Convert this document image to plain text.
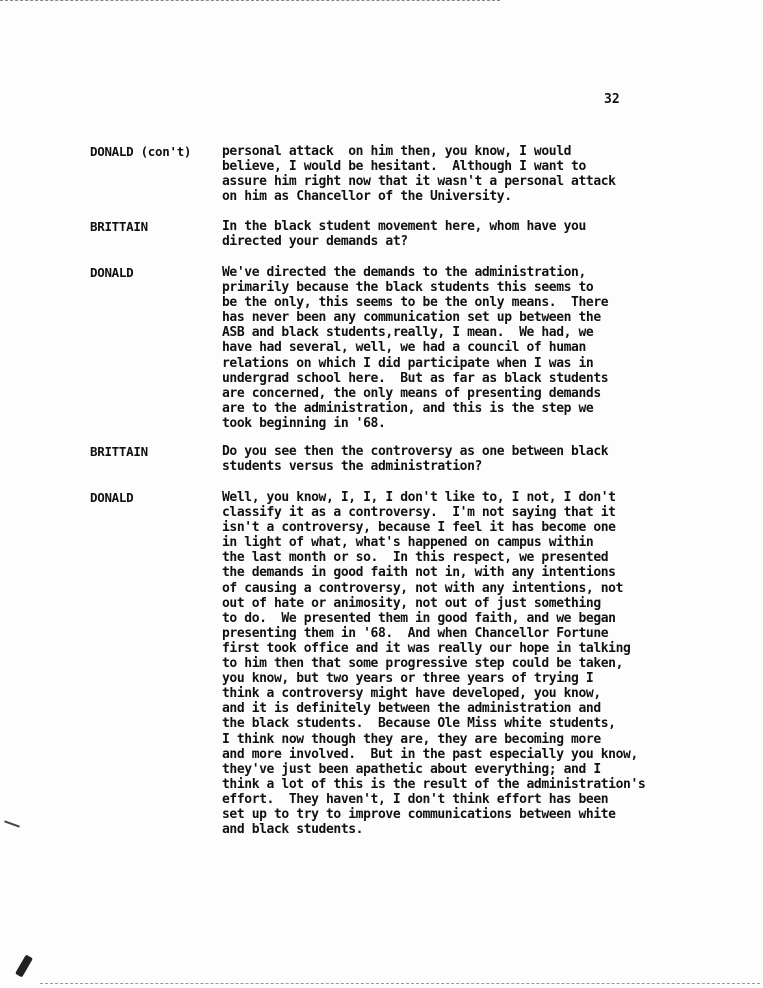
32
DONALD (con't) personal attack  on him then, you know, I would
believe, I would be hesitant.  Although I want to
assure him right now that it wasn't a personal attack
on him as Chancellor of the University.
BRITTAIN	In the black student movement here, whom have you
directed your demands at?
DONALD	We've directed the demands to the administration,
primarily because the black students this seems to
be the only, this seems to be the only means.  There
has never been any communication set up between the
ASB and black students,really, I mean.  We had, we
have had several, well, we had a council of human
relations on which I did participate when I was in
undergrad school here.  But as far as black students
are concerned, the only means of presenting demands
are to the administration, and this is the step we
took beginning in '68.
BRITTAIN	Do you see then the controversy as one between black
students versus the administration?
DONALD	Well, you know, I, I, I don't like to, I not, I don't
classify it as a controversy.  I'm not saying that it
isn't a controversy, because I feel it has become one
in light of what, what's happened on campus within
the last month or so.  In this respect, we presented
the demands in good faith not in, with any intentions
of causing a controversy, not with any intentions, not
out of hate or animosity, not out of just something
to do.  We presented them in good faith, and we began
presenting them in '68.  And when Chancellor Fortune
first took office and it was really our hope in talking
to him then that some progressive step could be taken,
you know, but two years or three years of trying I
think a controversy might have developed, you know,
and it is definitely between the administration and
the black students.  Because Ole Miss white students,
I think now though they are, they are becoming more
and more involved.  But in the past especially you know,
they've just been apathetic about everything; and I
think a lot of this is the result of the administration's
effort.  They haven't, I don't think effort has been
set up to try to improve communications between white
and black students.
